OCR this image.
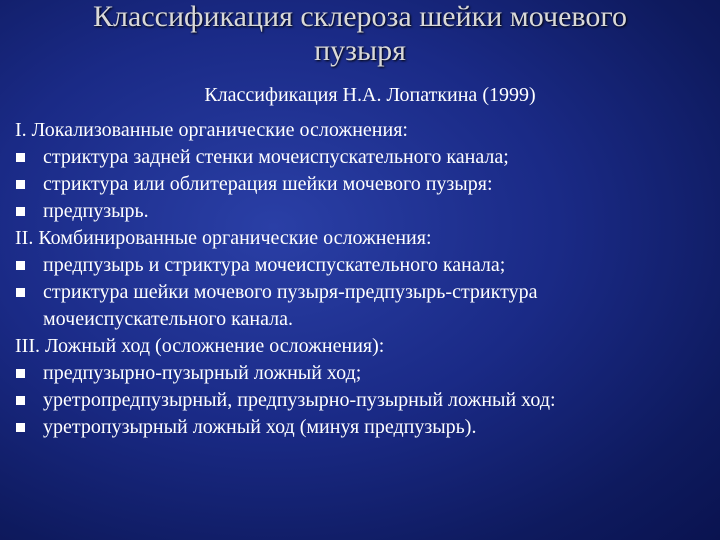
Классификация склероза шейки мочевого
пузыря
Классификация Н.А. Лопаткина (1999)

I. Локализованные органические осложнения:

стриктура задней стенки мочеиспускательного канала;

стриктура или облитерация шейки мочевого пузыря:

предпузырь.

II. Комбинированные органические осложнения:

предпузырь и стриктура мочеиспускательного канала;

стриктура шейки мочевого пузыря-предпузырь-стриктура

мочеиспускательного канала.

III. Ложный ход (осложнение осложнения):

предпузырно-пузырный ложный ход;

уретропредпузырный, предпузырно-пузырный ложный ход:

уретропузырный ложный ход (минуя предпузырь).
